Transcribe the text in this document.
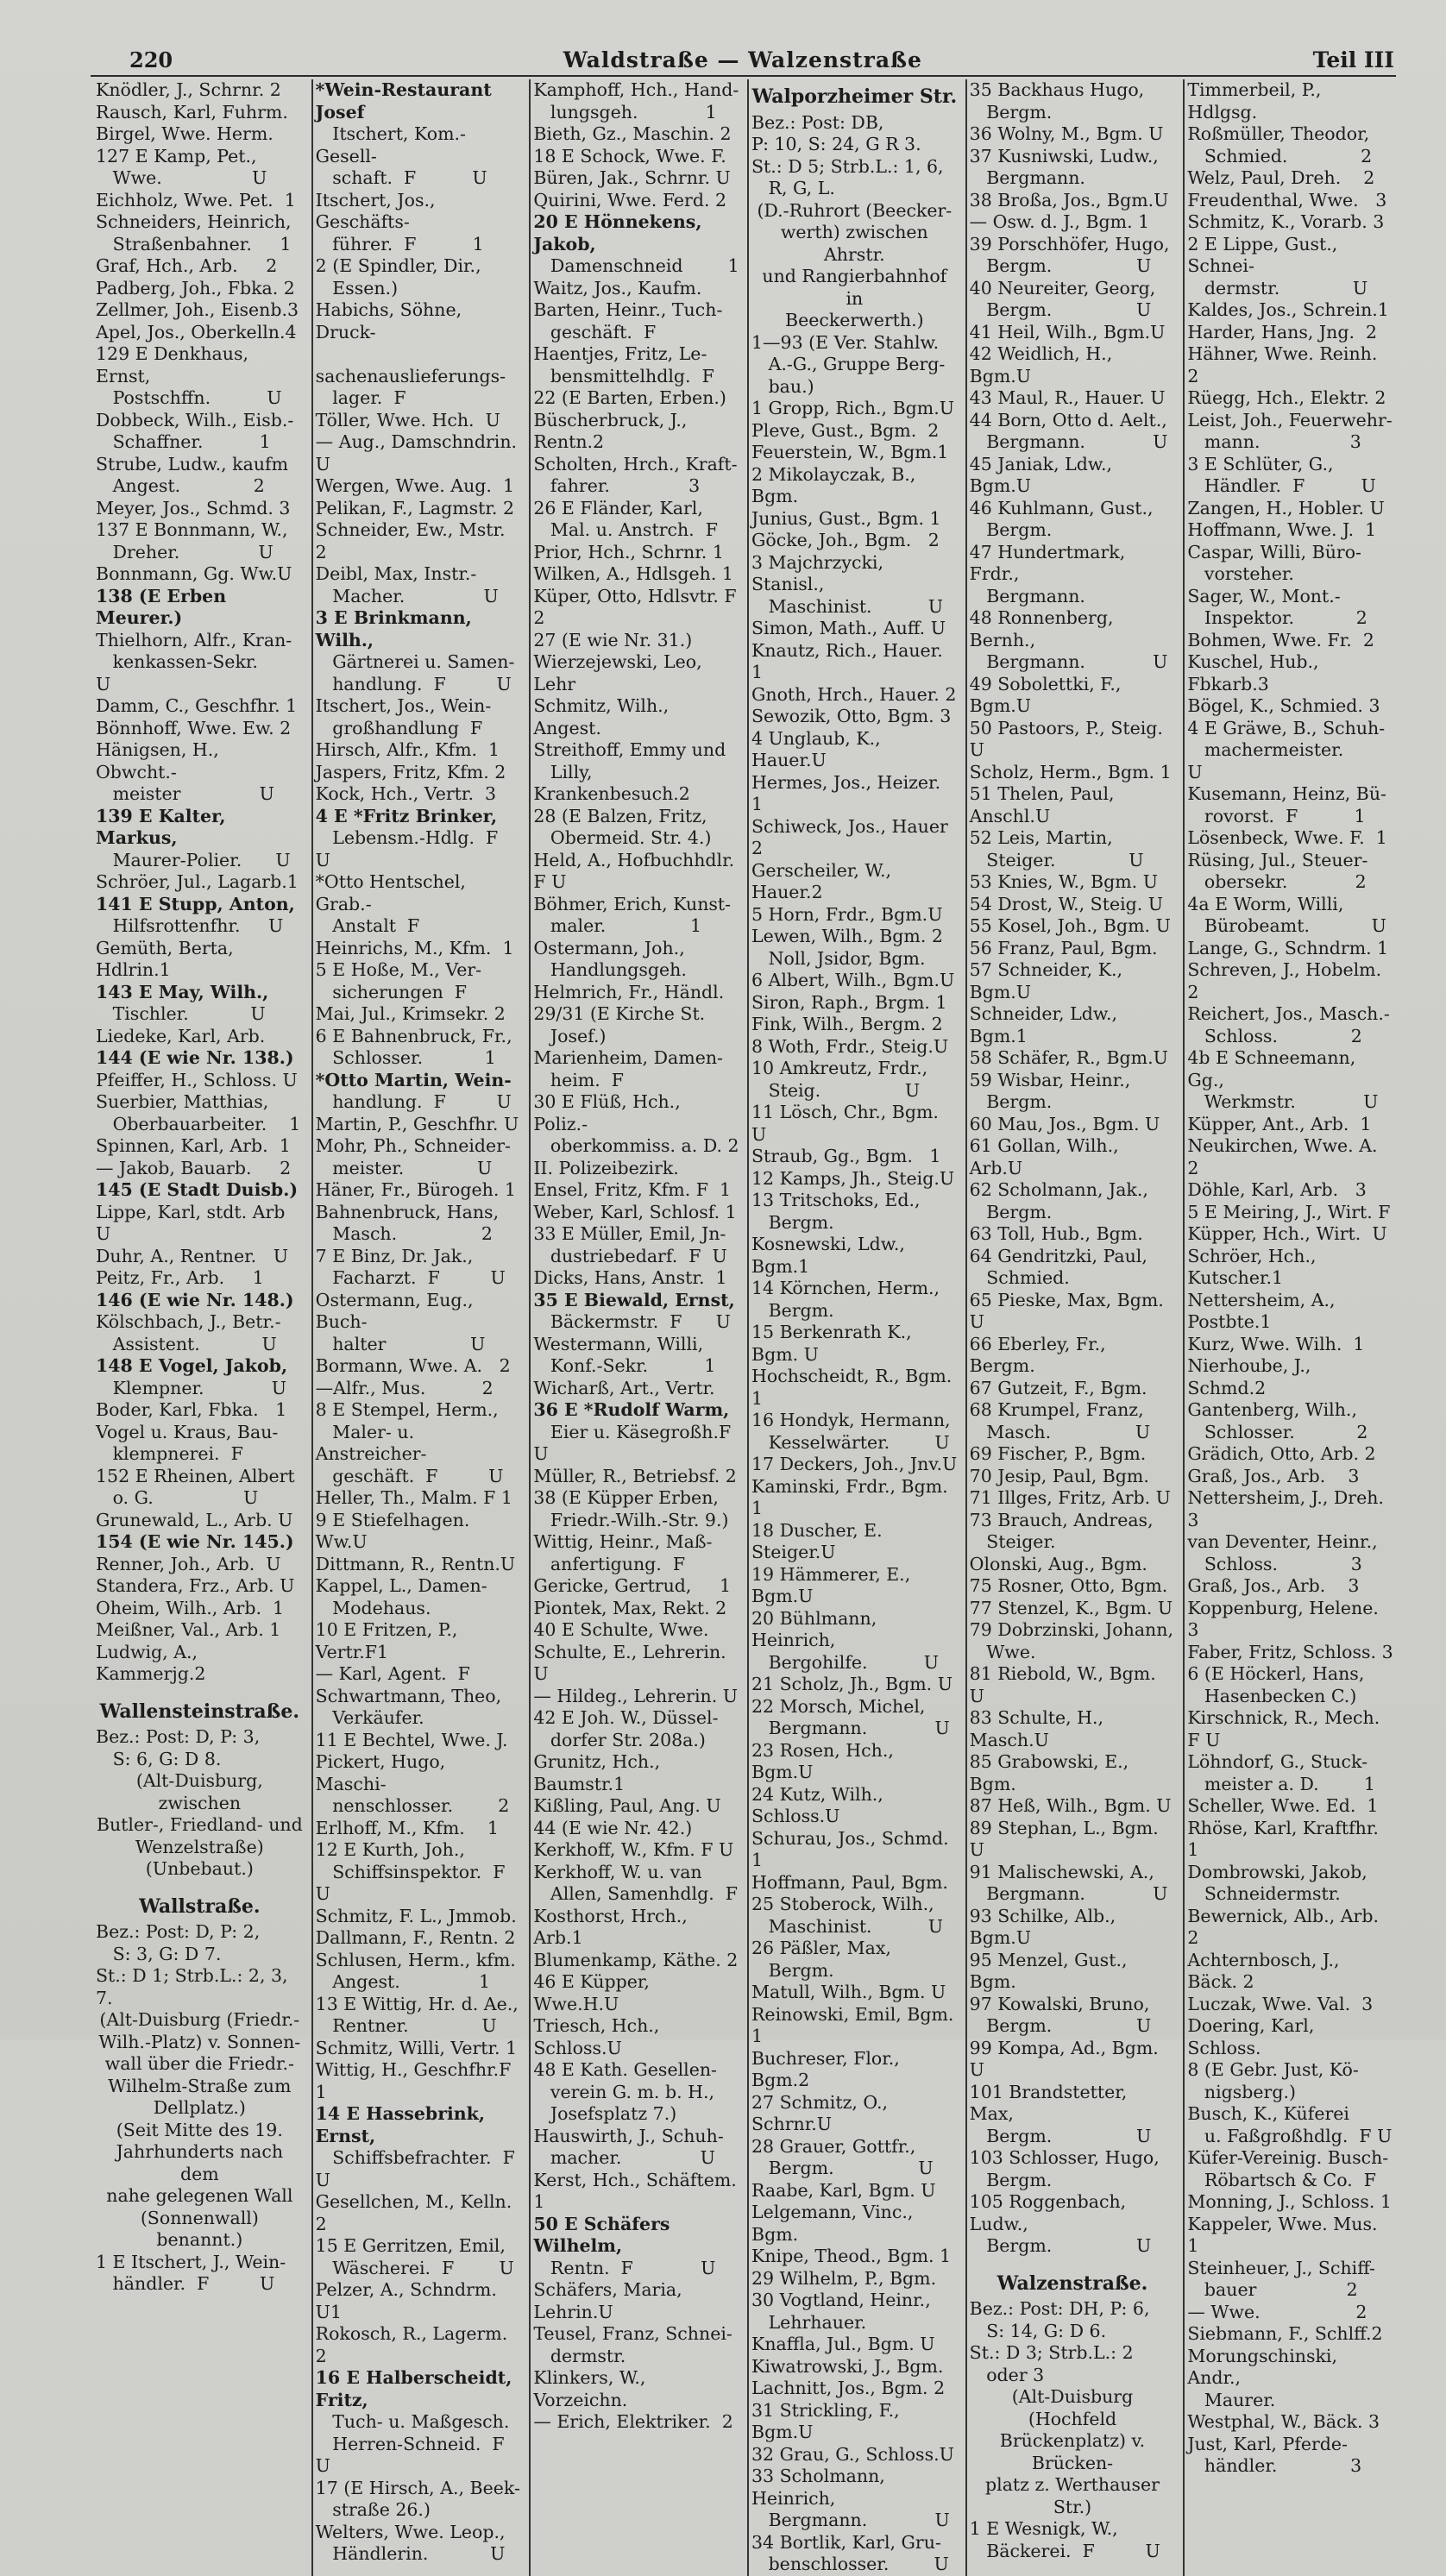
220	Waldstraße — Walzenstraße	Teil III
Knödler, J., Schrnr. 2
Rausch, Karl, Fuhrm.
Birgel, Wwe. Herm.
127 E Kamp, Pet.,
Wwe.                U
Eichholz, Wwe. Pet.  1
Schneiders, Heinrich,
Straßenbahner.     1
Graf, Hch., Arb.     2
Padberg, Joh., Fbka. 2
Zellmer, Joh., Eisenb.3
Apel, Jos., Oberkelln.4
129 E Denkhaus, Ernst,
Postschffn.          U
Dobbeck, Wilh., Eisb.-
Schaffner.          1
Strube, Ludw., kaufm
Angest.             2
Meyer, Jos., Schmd. 3
137 E Bonnmann, W.,
Dreher.              U
Bonnmann, Gg. Ww.U
138 (E Erben Meurer.)
Thielhorn, Alfr., Kran-
kenkassen-Sekr.      U
Damm, C., Geschfhr. 1
Bönnhoff, Wwe. Ew. 2
Hänigsen, H., Obwcht.-
meister              U
139 E Kalter, Markus,
Maurer-Polier.      U
Schröer, Jul., Lagarb.1
141 E Stupp, Anton,
Hilfsrottenfhr.     U
Gemüth, Berta, Hdlrin.1
143 E May, Wilh.,
Tischler.           U
Liedeke, Karl, Arb.
144 (E wie Nr. 138.)
Pfeiffer, H., Schloss. U
Suerbier, Matthias,
Oberbauarbeiter.    1
Spinnen, Karl, Arb.  1
— Jakob, Bauarb.     2
145 (E Stadt Duisb.)
Lippe, Karl, stdt. Arb U
Duhr, A., Rentner.   U
Peitz, Fr., Arb.     1
146 (E wie Nr. 148.)
Kölschbach, J., Betr.-
Assistent.           U
148 E Vogel, Jakob,
Klempner.            U
Boder, Karl, Fbka.   1
Vogel u. Kraus, Bau-
klempnerei.  F
152 E Rheinen, Albert
o. G.                U
Grunewald, L., Arb. U
154 (E wie Nr. 145.)
Renner, Joh., Arb.  U
Standera, Frz., Arb. U
Oheim, Wilh., Arb.  1
Meißner, Val., Arb. 1
Ludwig, A., Kammerjg.2
Wallensteinstraße.
Bez.: Post: D, P: 3,
S: 6, G: D 8.
(Alt-Duisburg, zwischen
Butler-, Friedland- und
Wenzelstraße)
(Unbebaut.)
Wallstraße.
Bez.: Post: D, P: 2,
S: 3, G: D 7.
St.: D 1; Strb.L.: 2, 3, 7.
(Alt-Duisburg (Friedr.-
Wilh.-Platz) v. Sonnen-
wall über die Friedr.-
Wilhelm-Straße zum
Dellplatz.)
(Seit Mitte des 19.
Jahrhunderts nach dem
nahe gelegenen Wall
(Sonnenwall) benannt.)
1 E Itschert, J., Wein-
händler.  F         U
*Wein-Restaurant Josef
Itschert, Kom.-Gesell-
schaft.  F          U
Itschert, Jos., Geschäfts-
führer.  F          1
2 (E Spindler, Dir.,
Essen.)
Habichs, Söhne, Druck-
sachenauslieferungs-
lager.  F
Töller, Wwe. Hch.  U
— Aug., Damschndrin. U
Wergen, Wwe. Aug.  1
Pelikan, F., Lagmstr. 2
Schneider, Ew., Mstr. 2
Deibl, Max, Instr.-
Macher.              U
3 E Brinkmann, Wilh.,
Gärtnerei u. Samen-
handlung.  F         U
Itschert, Jos., Wein-
großhandlung  F
Hirsch, Alfr., Kfm.  1
Jaspers, Fritz, Kfm. 2
Kock, Hch., Vertr.  3
4 E *Fritz Brinker,
Lebensm.-Hdlg.  F  U
*Otto Hentschel, Grab.-
Anstalt  F
Heinrichs, M., Kfm.  1
5 E Hoße, M., Ver-
sicherungen  F
Mai, Jul., Krimsekr. 2
6 E Bahnenbruck, Fr.,
Schlosser.           1
*Otto Martin, Wein-
handlung.  F         U
Martin, P., Geschfhr. U
Mohr, Ph., Schneider-
meister.             U
Häner, Fr., Bürogeh. 1
Bahnenbruck, Hans,
Masch.               2
7 E Binz, Dr. Jak.,
Facharzt.  F         U
Ostermann, Eug., Buch-
halter               U
Bormann, Wwe. A.   2
—Alfr., Mus.          2
8 E Stempel, Herm.,
Maler- u. Anstreicher-
geschäft.  F         U
Heller, Th., Malm. F 1
9 E Stiefelhagen. Ww.U
Dittmann, R., Rentn.U
Kappel, L., Damen-
Modehaus.
10 E Fritzen, P., Vertr.F1
— Karl, Agent.  F
Schwartmann, Theo,
Verkäufer.
11 E Bechtel, Wwe. J.
Pickert, Hugo, Maschi-
nenschlosser.        2
Erlhoff, M., Kfm.    1
12 E Kurth, Joh.,
Schiffsinspektor.  F U
Schmitz, F. L., Jmmob.
Dallmann, F., Rentn. 2
Schlusen, Herm., kfm.
Angest.              1
13 E Wittig, Hr. d. Ae.,
Rentner.             U
Schmitz, Willi, Vertr. 1
Wittig, H., Geschfhr.F 1
14 E Hassebrink, Ernst,
Schiffsbefrachter.  F U
Gesellchen, M., Kelln. 2
15 E Gerritzen, Emil,
Wäscherei.  F        U
Pelzer, A., Schndrm.  U1
Rokosch, R., Lagerm. 2
16 E Halberscheidt, Fritz,
Tuch- u. Maßgesch.
Herren-Schneid.  F U
17 (E Hirsch, A., Beek-
straße 26.)
Welters, Wwe. Leop.,
Händlerin.           U
Kamphoff, Hch., Hand-
lungsgeh.            1
Bieth, Gz., Maschin. 2
18 E Schock, Wwe. F.
Büren, Jak., Schrnr. U
Quirini, Wwe. Ferd. 2
20 E Hönnekens, Jakob,
Damenschneid        1
Waitz, Jos., Kaufm.
Barten, Heinr., Tuch-
geschäft.  F
Haentjes, Fritz, Le-
bensmittelhdlg.  F
22 (E Barten, Erben.)
Büscherbruck, J., Rentn.2
Scholten, Hrch., Kraft-
fahrer.              3
26 E Fländer, Karl,
Mal. u. Anstrch.  F
Prior, Hch., Schrnr. 1
Wilken, A., Hdlsgeh. 1
Küper, Otto, Hdlsvtr. F 2
27 (E wie Nr. 31.)
Wierzejewski, Leo, Lehr
Schmitz, Wilh., Angest.
Streithoff, Emmy und
Lilly, Krankenbesuch.2
28 (E Balzen, Fritz,
Obermeid. Str. 4.)
Held, A., Hofbuchhdlr. F U
Böhmer, Erich, Kunst-
maler.               1
Ostermann, Joh.,
Handlungsgeh.
Helmrich, Fr., Händl.
29/31 (E Kirche St.
Josef.)
Marienheim, Damen-
heim.  F
30 E Flüß, Hch., Poliz.-
oberkommiss. a. D. 2
II. Polizeibezirk.
Ensel, Fritz, Kfm. F  1
Weber, Karl, Schlosf. 1
33 E Müller, Emil, Jn-
dustriebedarf.  F  U
Dicks, Hans, Anstr.  1
35 E Biewald, Ernst,
Bäckermstr.  F      U
Westermann, Willi,
Konf.-Sekr.          1
Wicharß, Art., Vertr.
36 E *Rudolf Warm,
Eier u. Käsegroßh.F U
Müller, R., Betriebsf. 2
38 (E Küpper Erben,
Friedr.-Wilh.-Str. 9.)
Wittig, Heinr., Maß-
anfertigung.  F
Gericke, Gertrud,     1
Piontek, Max, Rekt. 2
40 E Schulte, Wwe.
Schulte, E., Lehrerin. U
— Hildeg., Lehrerin. U
42 E Joh. W., Düssel-
dorfer Str. 208a.)
Grunitz, Hch., Baumstr.1
Kißling, Paul, Ang. U
44 (E wie Nr. 42.)
Kerkhoff, W., Kfm. F U
Kerkhoff, W. u. van
Allen, Samenhdlg.  F
Kosthorst, Hrch., Arb.1
Blumenkamp, Käthe. 2
46 E Küpper, Wwe.H.U
Triesch, Hch., Schloss.U
48 E Kath. Gesellen-
verein G. m. b. H.,
Josefsplatz 7.)
Hauswirth, J., Schuh-
macher.              U
Kerst, Hch., Schäftem. 1
50 E Schäfers Wilhelm,
Rentn.  F            U
Schäfers, Maria, Lehrin.U
Teusel, Franz, Schnei-
dermstr.
Klinkers, W., Vorzeichn.
— Erich, Elektriker.  2
Walporzheimer Str.
Bez.: Post: DB,
P: 10, S: 24, G R 3.
St.: D 5; Strb.L.: 1, 6,
R, G, L.
(D.-Ruhrort (Beecker-
werth) zwischen Ahrstr.
und Rangierbahnhof in
Beeckerwerth.)
1—93 (E Ver. Stahlw.
A.-G., Gruppe Berg-
bau.)
1 Gropp, Rich., Bgm.U
Pleve, Gust., Bgm.  2
Feuerstein, W., Bgm.1
2 Mikolayczak, B., Bgm.
Junius, Gust., Bgm. 1
Göcke, Joh., Bgm.   2
3 Majchrzycki, Stanisl.,
Maschinist.          U
Simon, Math., Auff. U
Knautz, Rich., Hauer. 1
Gnoth, Hrch., Hauer. 2
Sewozik, Otto, Bgm. 3
4 Unglaub, K., Hauer.U
Hermes, Jos., Heizer. 1
Schiweck, Jos., Hauer 2
Gerscheiler, W., Hauer.2
5 Horn, Frdr., Bgm.U
Lewen, Wilh., Bgm. 2
Noll, Jsidor, Bgm.
6 Albert, Wilh., Bgm.U
Siron, Raph., Brgm. 1
Fink, Wilh., Bergm. 2
8 Woth, Frdr., Steig.U
10 Amkreutz, Frdr.,
Steig.               U
11 Lösch, Chr., Bgm. U
Straub, Gg., Bgm.   1
12 Kamps, Jh., Steig.U
13 Tritschoks, Ed.,
Bergm.
Kosnewski, Ldw., Bgm.1
14 Körnchen, Herm.,
Bergm.
15 Berkenrath K., Bgm. U
Hochscheidt, R., Bgm. 1
16 Hondyk, Hermann,
Kesselwärter.        U
17 Deckers, Joh., Jnv.U
Kaminski, Frdr., Bgm. 1
18 Duscher, E. Steiger.U
19 Hämmerer, E., Bgm.U
20 Bühlmann, Heinrich,
Bergohilfe.          U
21 Scholz, Jh., Bgm. U
22 Morsch, Michel,
Bergmann.            U
23 Rosen, Hch., Bgm.U
24 Kutz, Wilh., Schloss.U
Schurau, Jos., Schmd. 1
Hoffmann, Paul, Bgm.
25 Stoberock, Wilh.,
Maschinist.          U
26 Päßler, Max,
Bergm.
Matull, Wilh., Bgm. U
Reinowski, Emil, Bgm. 1
Buchreser, Flor., Bgm.2
27 Schmitz, O., Schrnr.U
28 Grauer, Gottfr.,
Bergm.               U
Raabe, Karl, Bgm. U
Lelgemann, Vinc., Bgm.
Knipe, Theod., Bgm. 1
29 Wilhelm, P., Bgm.
30 Vogtland, Heinr.,
Lehrhauer.
Knaffla, Jul., Bgm. U
Kiwatrowski, J., Bgm.
Lachnitt, Jos., Bgm. 2
31 Strickling, F., Bgm.U
32 Grau, G., Schloss.U
33 Scholmann, Heinrich,
Bergmann.            U
34 Bortlik, Karl, Gru-
benschlosser.        U
35 Backhaus Hugo,
Bergm.
36 Wolny, M., Bgm. U
37 Kusniwski, Ludw.,
Bergmann.
38 Broßa, Jos., Bgm.U
— Osw. d. J., Bgm. 1
39 Porschhöfer, Hugo,
Bergm.               U
40 Neureiter, Georg,
Bergm.               U
41 Heil, Wilh., Bgm.U
42 Weidlich, H., Bgm.U
43 Maul, R., Hauer. U
44 Born, Otto d. Aelt.,
Bergmann.            U
45 Janiak, Ldw., Bgm.U
46 Kuhlmann, Gust.,
Bergm.
47 Hundertmark, Frdr.,
Bergmann.
48 Ronnenberg, Bernh.,
Bergmann.            U
49 Sobolettki, F., Bgm.U
50 Pastoors, P., Steig. U
Scholz, Herm., Bgm. 1
51 Thelen, Paul, Anschl.U
52 Leis, Martin,
Steiger.             U
53 Knies, W., Bgm. U
54 Drost, W., Steig. U
55 Kosel, Joh., Bgm. U
56 Franz, Paul, Bgm.
57 Schneider, K., Bgm.U
Schneider, Ldw., Bgm.1
58 Schäfer, R., Bgm.U
59 Wisbar, Heinr.,
Bergm.
60 Mau, Jos., Bgm. U
61 Gollan, Wilh., Arb.U
62 Scholmann, Jak.,
Bergm.
63 Toll, Hub., Bgm.
64 Gendritzki, Paul,
Schmied.
65 Pieske, Max, Bgm. U
66 Eberley, Fr., Bergm.
67 Gutzeit, F., Bgm.
68 Krumpel, Franz,
Masch.               U
69 Fischer, P., Bgm.
70 Jesip, Paul, Bgm.
71 Illges, Fritz, Arb. U
73 Brauch, Andreas,
Steiger.
Olonski, Aug., Bgm.
75 Rosner, Otto, Bgm.
77 Stenzel, K., Bgm. U
79 Dobrzinski, Johann,
Wwe.
81 Riebold, W., Bgm. U
83 Schulte, H., Masch.U
85 Grabowski, E., Bgm.
87 Heß, Wilh., Bgm. U
89 Stephan, L., Bgm. U
91 Malischewski, A.,
Bergmann.            U
93 Schilke, Alb., Bgm.U
95 Menzel, Gust., Bgm.
97 Kowalski, Bruno,
Bergm.               U
99 Kompa, Ad., Bgm. U
101 Brandstetter, Max,
Bergm.               U
103 Schlosser, Hugo,
Bergm.
105 Roggenbach, Ludw.,
Bergm.               U
Walzenstraße.
Bez.: Post: DH, P: 6,
S: 14, G: D 6.
St.: D 3; Strb.L.: 2
oder 3
(Alt-Duisburg (Hochfeld
Brückenplatz) v. Brücken-
platz z. Werthauser Str.)
1 E Wesnigk, W.,
Bäckerei.  F         U
Timmerbeil, P., Hdlgsg.
Roßmüller, Theodor,
Schmied.             2
Welz, Paul, Dreh.    2
Freudenthal, Wwe.   3
Schmitz, K., Vorarb. 3
2 E Lippe, Gust., Schnei-
dermstr.             U
Kaldes, Jos., Schrein.1
Harder, Hans, Jng.  2
Hähner, Wwe. Reinh. 2
Rüegg, Hch., Elektr. 2
Leist, Joh., Feuerwehr-
mann.                3
3 E Schlüter, G.,
Händler.  F          U
Zangen, H., Hobler. U
Hoffmann, Wwe. J.  1
Caspar, Willi, Büro-
vorsteher.
Sager, W., Mont.-
Inspektor.           2
Bohmen, Wwe. Fr.  2
Kuschel, Hub., Fbkarb.3
Bögel, K., Schmied. 3
4 E Gräwe, B., Schuh-
machermeister.       U
Kusemann, Heinz, Bü-
rovorst.  F          1
Lösenbeck, Wwe. F.  1
Rüsing, Jul., Steuer-
obersekr.            2
4a E Worm, Willi,
Bürobeamt.           U
Lange, G., Schndrm. 1
Schreven, J., Hobelm. 2
Reichert, Jos., Masch.-
Schloss.             2
4b E Schneemann, Gg.,
Werkmstr.            U
Küpper, Ant., Arb.  1
Neukirchen, Wwe. A. 2
Döhle, Karl, Arb.   3
5 E Meiring, J., Wirt. F
Küpper, Hch., Wirt.  U
Schröer, Hch., Kutscher.1
Nettersheim, A., Postbte.1
Kurz, Wwe. Wilh.  1
Nierhoube, J., Schmd.2
Gantenberg, Wilh.,
Schlosser.           2
Grädich, Otto, Arb. 2
Graß, Jos., Arb.    3
Nettersheim, J., Dreh. 3
van Deventer, Heinr.,
Schloss.             3
Graß, Jos., Arb.    3
Koppenburg, Helene. 3
Faber, Fritz, Schloss. 3
6 (E Höckerl, Hans,
Hasenbecken C.)
Kirschnick, R., Mech. F U
Löhndorf, G., Stuck-
meister a. D.        1
Scheller, Wwe. Ed.  1
Rhöse, Karl, Kraftfhr. 1
Dombrowski, Jakob,
Schneidermstr.
Bewernick, Alb., Arb. 2
Achternbosch, J., Bäck. 2
Luczak, Wwe. Val.  3
Doering, Karl, Schloss.
8 (E Gebr. Just, Kö-
nigsberg.)
Busch, K., Küferei
u. Faßgroßhdlg.  F U
Küfer-Vereinig. Busch-
Röbartsch & Co.  F
Monning, J., Schloss. 1
Kappeler, Wwe. Mus. 1
Steinheuer, J., Schiff-
bauer                2
— Wwe.                 2
Siebmann, F., Schlff.2
Morungschinski, Andr.,
Maurer.
Westphal, W., Bäck. 3
Just, Karl, Pferde-
händler.             3
